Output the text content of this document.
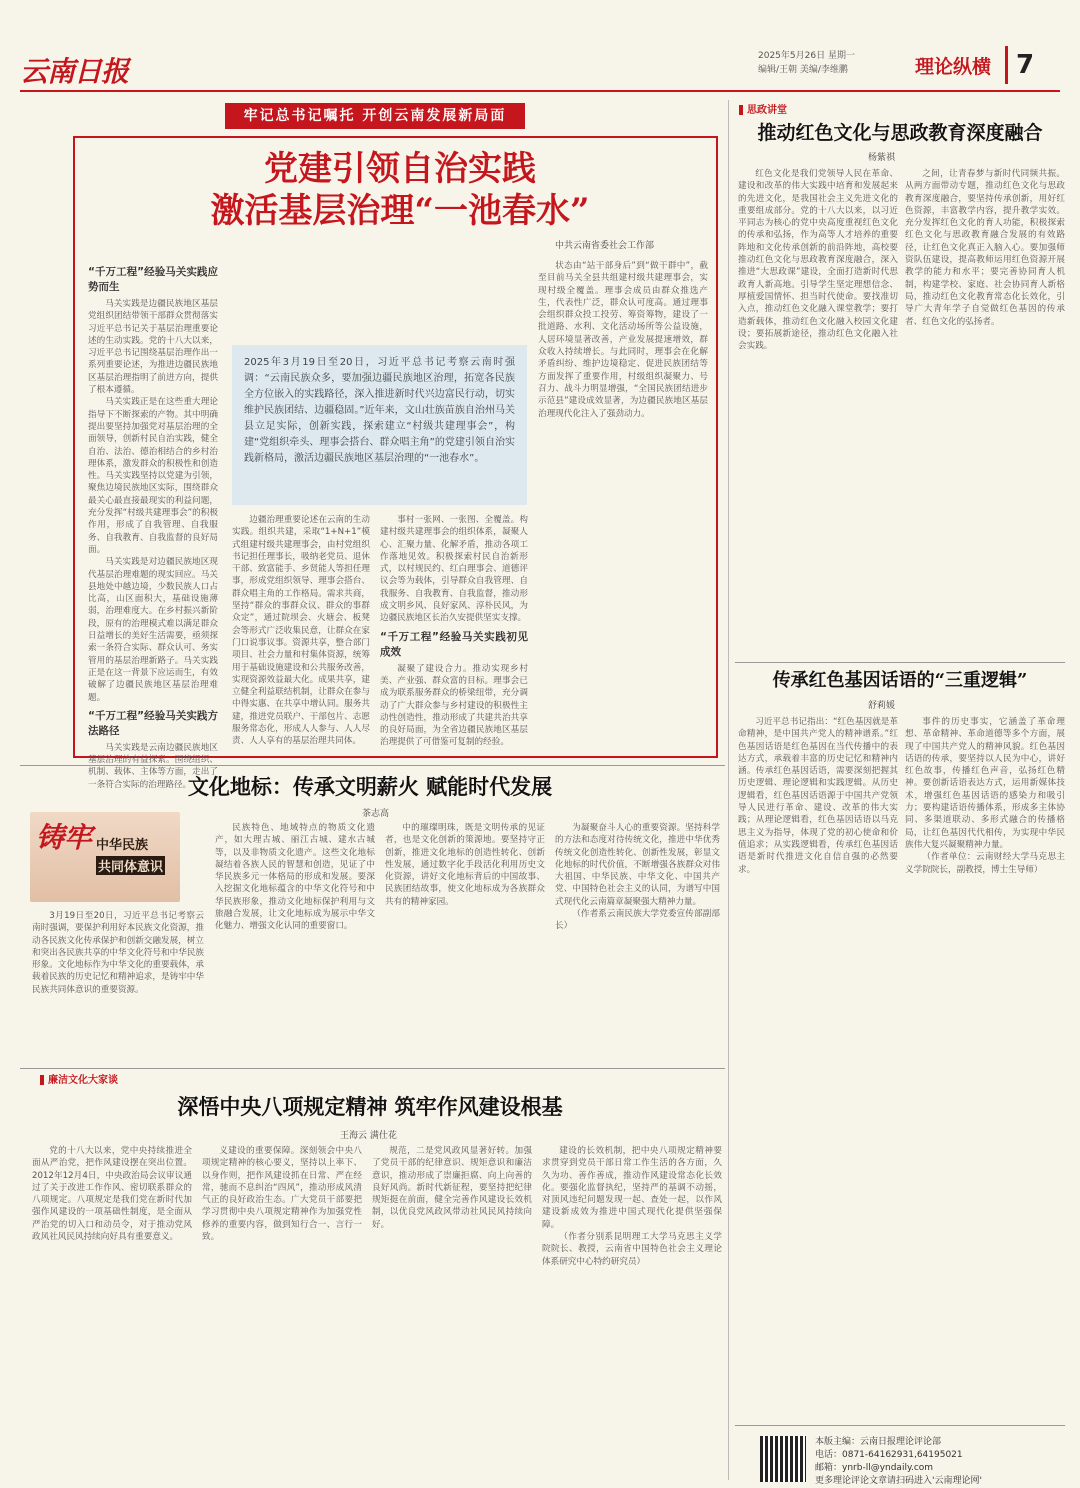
云南日报	2025年5月26日 星期一
编辑/王朝 美编/李维鹏	理论纵横 7
牢记总书记嘱托 开创云南发展新局面
党建引领自治实践
激活基层治理“一池春水”
中共云南省委社会工作部
“千万工程”经验马关实践应势而生

马关实践是边疆民族地区基层党组织团结带领干部群众贯彻落实习近平总书记关于基层治理重要论述的生动实践。党的十八大以来，习近平总书记围绕基层治理作出一系列重要论述，为推进边疆民族地区基层治理指明了前进方向，提供了根本遵循。

马关实践正是在这些重大理论指导下不断探索的产物。其中明确提出要坚持加强党对基层治理的全面领导，创新村民自治实践，健全自治、法治、德治相结合的乡村治理体系，激发群众的积极性和创造性。马关实践坚持以党建为引领，聚焦边境民族地区实际，围绕群众最关心最直接最现实的利益问题，充分发挥“村级共建理事会”的积极作用，形成了自我管理、自我服务、自我教育、自我监督的良好局面。

马关实践是对边疆民族地区现代基层治理难题的现实回应。马关县地处中越边境，少数民族人口占比高，山区面积大，基础设施薄弱，治理难度大。在乡村振兴新阶段，原有的治理模式难以满足群众日益增长的美好生活需要，亟须探索一条符合实际、群众认可、务实管用的基层治理新路子。马关实践正是在这一背景下应运而生，有效破解了边疆民族地区基层治理难题。

“千万工程”经验马关实践方法路径

马关实践是云南边疆民族地区基层治理的有益探索。围绕组织、机制、载体、主体等方面，走出了一条符合实际的治理路径。

2025年3月19日至20日，习近平总书记考察云南时强调：“云南民族众多，要加强边疆民族地区治理，拓宽各民族全方位嵌入的实践路径，深入推进新时代兴边富民行动，切实维护民族团结、边疆稳固。”近年来，文山壮族苗族自治州马关县立足实际，创新实践，探索建立“村级共建理事会”，构建“党组织牵头、理事会搭台、群众唱主角”的党建引领自治实践新格局，激活边疆民族地区基层治理的“一池春水”。

边疆治理重要论述在云南的生动实践。组织共建，采取“1+N+1”模式组建村级共建理事会，由村党组织书记担任理事长，吸纳老党员、退休干部、致富能手、乡贤能人等担任理事，形成党组织领导、理事会搭台、群众唱主角的工作格局。需求共商，坚持“群众的事群众议、群众的事群众定”，通过院坝会、火塘会、板凳会等形式广泛收集民意，让群众在家门口说事议事。资源共享，整合部门项目、社会力量和村集体资源，统筹用于基础设施建设和公共服务改善，实现资源效益最大化。成果共享，建立健全利益联结机制，让群众在参与中得实惠、在共享中增认同。服务共建，推进党员联户、干部包片、志愿服务常态化，形成人人参与、人人尽责、人人享有的基层治理共同体。

事村一张网、一张图、全覆盖。构建村级共建理事会的组织体系，凝聚人心、汇聚力量、化解矛盾，推动各项工作落地见效。积极探索村民自治新形式，以村规民约、红白理事会、道德评议会等为载体，引导群众自我管理、自我服务、自我教育、自我监督，推动形成文明乡风、良好家风、淳朴民风，为边疆民族地区长治久安提供坚实支撑。

“千万工程”经验马关实践初见成效

凝聚了建设合力。推动实现乡村美、产业强、群众富的目标。理事会已成为联系服务群众的桥梁纽带，充分调动了广大群众参与乡村建设的积极性主动性创造性，推动形成了共建共治共享的良好局面，为全省边疆民族地区基层治理提供了可借鉴可复制的经验。

状态由“站干部身后”到“做干群中”，截至目前马关全县共组建村级共建理事会，实现村级全覆盖。理事会成员由群众推选产生，代表性广泛，群众认可度高。通过理事会组织群众投工投劳、筹资筹物，建设了一批道路、水利、文化活动场所等公益设施，人居环境显著改善，产业发展提速增效，群众收入持续增长。与此同时，理事会在化解矛盾纠纷、维护边境稳定、促进民族团结等方面发挥了重要作用，村级组织凝聚力、号召力、战斗力明显增强，“全国民族团结进步示范县”建设成效显著，为边疆民族地区基层治理现代化注入了强劲动力。

思政讲堂
推动红色文化与思政教育深度融合
杨紫祺

红色文化是我们党领导人民在革命、建设和改革的伟大实践中培育和发展起来的先进文化，是我国社会主义先进文化的重要组成部分。党的十八大以来，以习近平同志为核心的党中央高度重视红色文化的传承和弘扬，作为高等人才培养的重要阵地和文化传承创新的前沿阵地，高校要推动红色文化与思政教育深度融合，深入推进“大思政课”建设，全面打造新时代思政育人新高地。引导学生坚定理想信念、厚植爱国情怀、担当时代使命。要找准切入点，推动红色文化融入课堂教学；要打造新载体，推动红色文化融入校园文化建设；要拓展新途径，推动红色文化融入社会实践。

之间，让青春梦与新时代同频共振。从两方面带动专题，推动红色文化与思政教育深度融合，要坚持传承创新，用好红色资源，丰富教学内容，提升教学实效。充分发挥红色文化的育人功能，积极探索红色文化与思政教育融合发展的有效路径，让红色文化真正入脑入心。要加强师资队伍建设，提高教师运用红色资源开展教学的能力和水平；要完善协同育人机制，构建学校、家庭、社会协同育人新格局，推动红色文化教育常态化长效化，引导广大青年学子自觉做红色基因的传承者、红色文化的弘扬者。

传承红色基因话语的“三重逻辑”
舒莉媛

习近平总书记指出：“红色基因就是革命精神，是中国共产党人的精神谱系。”红色基因话语是红色基因在当代传播中的表达方式，承载着丰富的历史记忆和精神内涵。传承红色基因话语，需要深刻把握其历史逻辑、理论逻辑和实践逻辑。从历史逻辑看，红色基因话语源于中国共产党领导人民进行革命、建设、改革的伟大实践；从理论逻辑看，红色基因话语以马克思主义为指导，体现了党的初心使命和价值追求；从实践逻辑看，传承红色基因话语是新时代推进文化自信自强的必然要求。

事件的历史事实，它涵盖了革命理想、革命精神、革命道德等多个方面，展现了中国共产党人的精神风貌。红色基因话语的传承，要坚持以人民为中心，讲好红色故事，传播红色声音，弘扬红色精神。要创新话语表达方式，运用新媒体技术，增强红色基因话语的感染力和吸引力；要构建话语传播体系，形成多主体协同、多渠道联动、多形式融合的传播格局，让红色基因代代相传，为实现中华民族伟大复兴凝聚精神力量。

（作者单位：云南财经大学马克思主义学院院长，副教授，博士生导师）

文化地标：传承文明薪火 赋能时代发展
茶志高
铸牢 中华民族
共同体意识

3月19日至20日，习近平总书记考察云南时强调，要保护利用好本民族文化资源，推动各民族文化传承保护和创新交融发展，树立和突出各民族共享的中华文化符号和中华民族形象。文化地标作为中华文化的重要载体，承载着民族的历史记忆和精神追求，是铸牢中华民族共同体意识的重要资源。

民族特色、地域特点的物质文化遗产，如大理古城、丽江古城、建水古城等，以及非物质文化遗产。这些文化地标凝结着各族人民的智慧和创造，见证了中华民族多元一体格局的形成和发展。要深入挖掘文化地标蕴含的中华文化符号和中华民族形象，推动文化地标保护利用与文旅融合发展，让文化地标成为展示中华文化魅力、增强文化认同的重要窗口。

中的璀璨明珠，既是文明传承的见证者，也是文化创新的策源地。要坚持守正创新，推进文化地标的创造性转化、创新性发展，通过数字化手段活化利用历史文化资源，讲好文化地标背后的中国故事、民族团结故事，使文化地标成为各族群众共有的精神家园。

为凝聚奋斗人心的重要资源。坚持科学的方法和态度对待传统文化，推进中华优秀传统文化创造性转化、创新性发展，彰显文化地标的时代价值，不断增强各族群众对伟大祖国、中华民族、中华文化、中国共产党、中国特色社会主义的认同，为谱写中国式现代化云南篇章凝聚强大精神力量。

（作者系云南民族大学党委宣传部副部长）

廉洁文化大家谈
深悟中央八项规定精神 筑牢作风建设根基
王海云 满仕花

党的十八大以来，党中央持续推进全面从严治党，把作风建设摆在突出位置。2012年12月4日，中央政治局会议审议通过了关于改进工作作风、密切联系群众的八项规定。八项规定是我们党在新时代加强作风建设的一项基础性制度，是全面从严治党的切入口和动员令，对于推动党风政风社风民风持续向好具有重要意义。

义建设的重要保障。深刻领会中央八项规定精神的核心要义，坚持以上率下、以身作则，把作风建设抓在日常、严在经常，驰而不息纠治“四风”，推动形成风清气正的良好政治生态。广大党员干部要把学习贯彻中央八项规定精神作为加强党性修养的重要内容，做到知行合一、言行一致。

规范，二是党风政风显著好转。加强了党员干部的纪律意识、规矩意识和廉洁意识，推动形成了崇廉拒腐、向上向善的良好风尚。新时代新征程，要坚持把纪律规矩挺在前面，健全完善作风建设长效机制，以优良党风政风带动社风民风持续向好。

建设的长效机制，把中央八项规定精神要求贯穿到党员干部日常工作生活的各方面，久久为功、善作善成，推动作风建设常态化长效化。要强化监督执纪，坚持严的基调不动摇，对顶风违纪问题发现一起、查处一起，以作风建设新成效为推进中国式现代化提供坚强保障。

（作者分别系昆明理工大学马克思主义学院院长、教授，云南省中国特色社会主义理论体系研究中心特约研究员）

本版主编：云南日报理论评论部
电话：0871-64162931,64195021
邮箱：ynrb-ll@yndaily.com
更多理论评论文章请扫码进入'云南理论网'
